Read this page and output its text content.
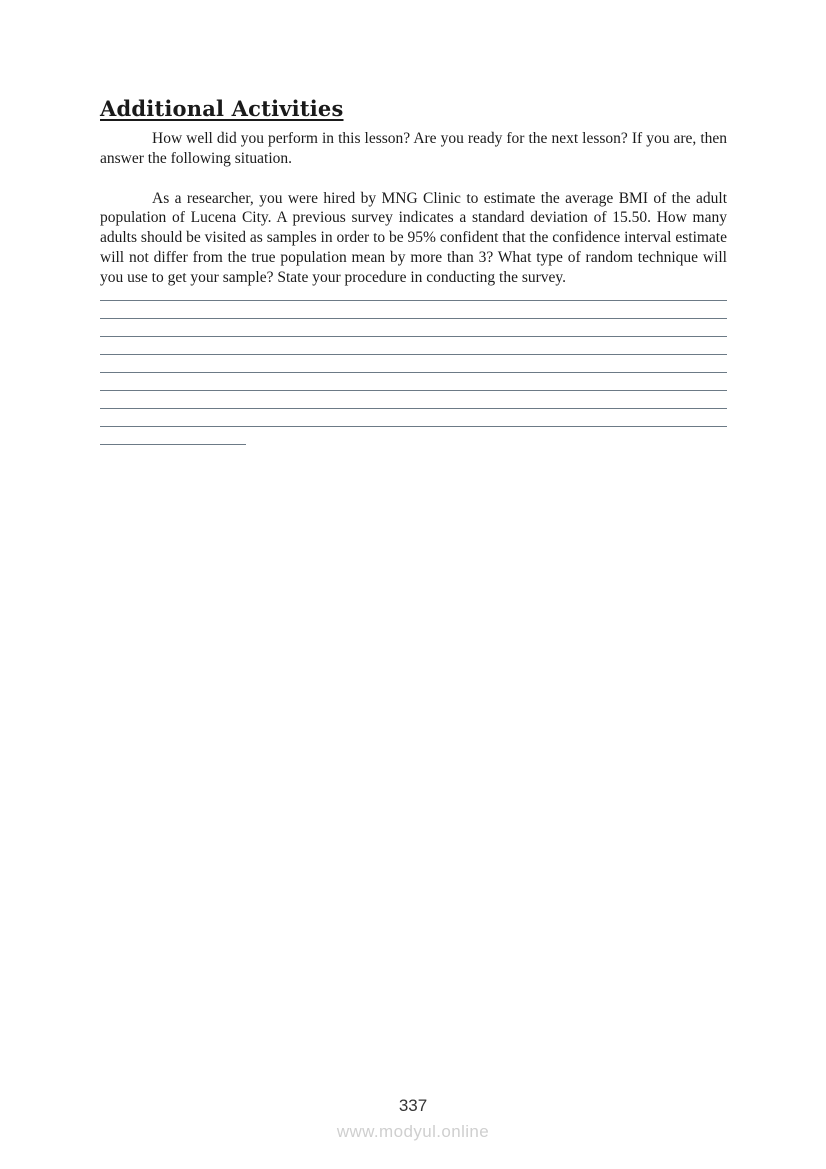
Additional Activities

How well did you perform in this lesson? Are you ready for the next lesson? If you are, then answer the following situation.

As a researcher, you were hired by MNG Clinic to estimate the average BMI of the adult population of Lucena City. A previous survey indicates a standard deviation of 15.50. How many adults should be visited as samples in order to be 95% confident that the confidence interval estimate will not differ from the true population mean by more than 3? What type of random technique will you use to get your sample? State your procedure in conducting the survey.

337
www.modyul.online
